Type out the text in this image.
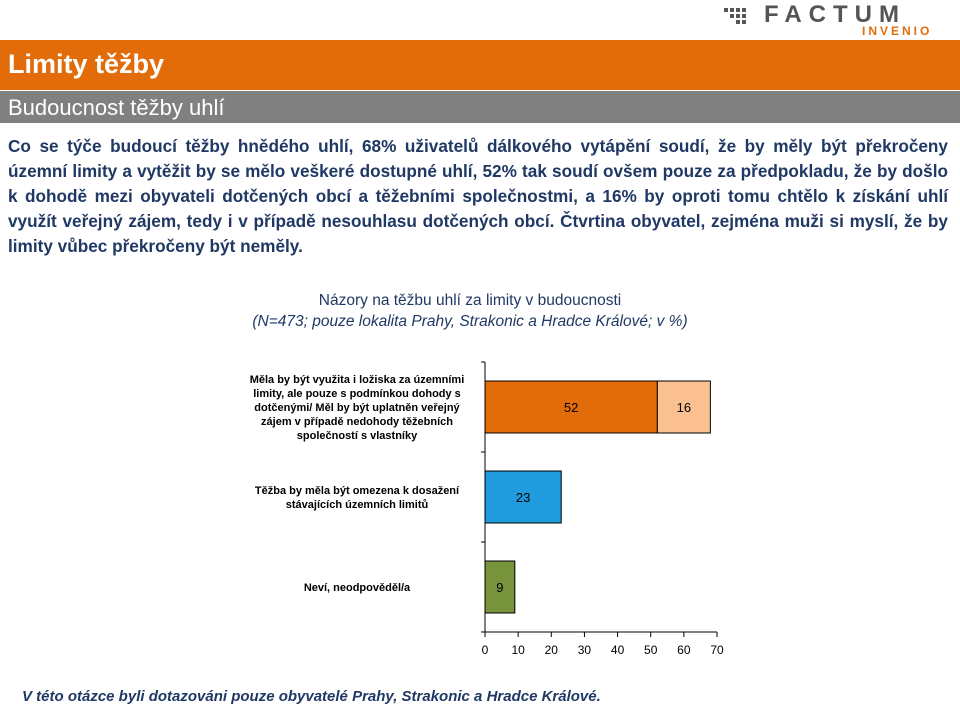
FACTUM
INVENIO
Limity těžby
Budoucnost těžby uhlí
Co se týče budoucí těžby hnědého uhlí, 68% uživatelů dálkového vytápění soudí, že by měly být překročeny územní limity a vytěžit by se mělo veškeré dostupné uhlí, 52% tak soudí ovšem pouze za předpokladu, že by došlo k dohodě mezi obyvateli dotčených obcí a těžebními společnostmi, a 16% by oproti tomu chtělo k získání uhlí využít veřejný zájem, tedy i v případě nesouhlasu dotčených obcí. Čtvrtina obyvatel, zejména muži si myslí, že by limity vůbec překročeny být neměly.
Názory na těžbu uhlí za limity v budoucnosti
(N=473; pouze lokalita Prahy, Strakonic a Hradce Králové; v %)
0 10 20 30 40 50 60 70
52	16
Měla by být využita i ložiska za územními
limity, ale pouze s podmínkou dohody s
dotčenými/ Měl by být uplatněn veřejný
zájem v případě nedohody těžebních
společností s vlastníky
23
Těžba by měla být omezena k dosažení
stávajících územních limitů
9
Neví, neodpověděl/a
V této otázce byli dotazováni pouze obyvatelé Prahy, Strakonic a Hradce Králové.
